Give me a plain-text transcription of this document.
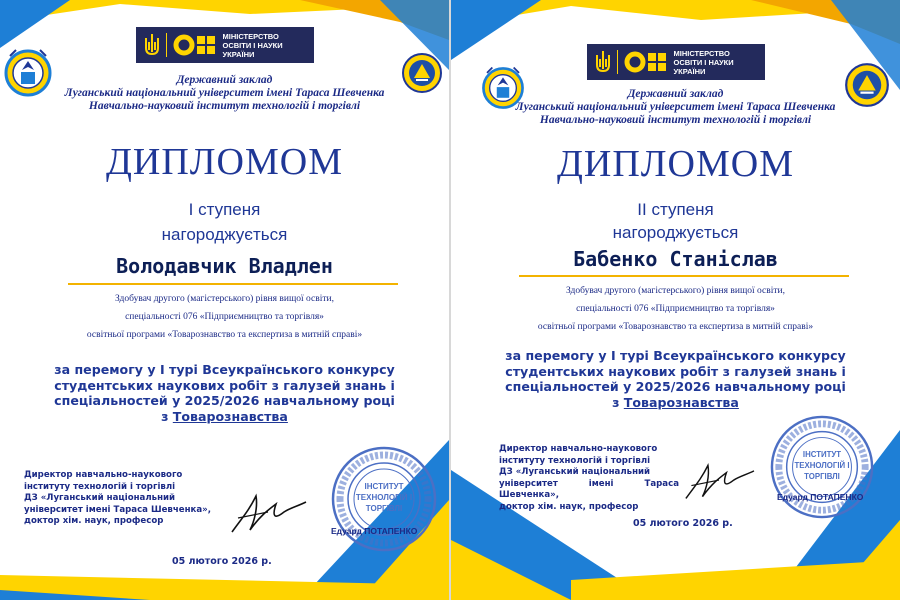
МІНІСТЕРСТВО
ОСВІТИ І НАУКИ
УКРАЇНИ
Державний заклад
Луганський національний університет імені Тараса Шевченка
Навчально-науковий інститут технологій і торгівлі
ДИПЛОМОМ
І ступеня
нагороджується
Володавчик Владлен
Здобувач другого (магістерського) рівня вищої освіти,
спеціальності 076 «Підприємництво та торгівля»
освітньої програми «Товарознавство та експертиза в митній справі»
за перемогу у І турі Всеукраїнського конкурсу
студентських наукових робіт з галузей знань і
спеціальностей у 2025/2026 навчальному році
з Товарознавства
Директор навчально-наукового
інституту технологій і торгівлі
ДЗ «Луганський національний
університет імені Тараса Шевченка»,
доктор хім. наук, професор
ІНСТИТУТ ТЕХНОЛОГІЙ І ТОРГІВЛІ
Едуард ПОТАПЕНКО
05 лютого 2026 р.
МІНІСТЕРСТВО
ОСВІТИ І НАУКИ
УКРАЇНИ
Державний заклад
Луганський національний університет імені Тараса Шевченка
Навчально-науковий інститут технологій і торгівлі
ДИПЛОМОМ
ІІ ступеня
нагороджується
Бабенко Станіслав
Здобувач другого (магістерського) рівня вищої освіти,
спеціальності 076 «Підприємництво та торгівля»
освітньої програми «Товарознавство та експертиза в митній справі»
за перемогу у І турі Всеукраїнського конкурсу
студентських наукових робіт з галузей знань і
спеціальностей у 2025/2026 навчальному році
з Товарознавства
Директор навчально-наукового
інституту технологій і торгівлі
ДЗ «Луганський національний
університет імені Тараса Шевченка»,
доктор хім. наук, професор
ІНСТИТУТ ТЕХНОЛОГІЙ І ТОРГІВЛІ
Едуард ПОТАПЕНКО
05 лютого 2026 р.
